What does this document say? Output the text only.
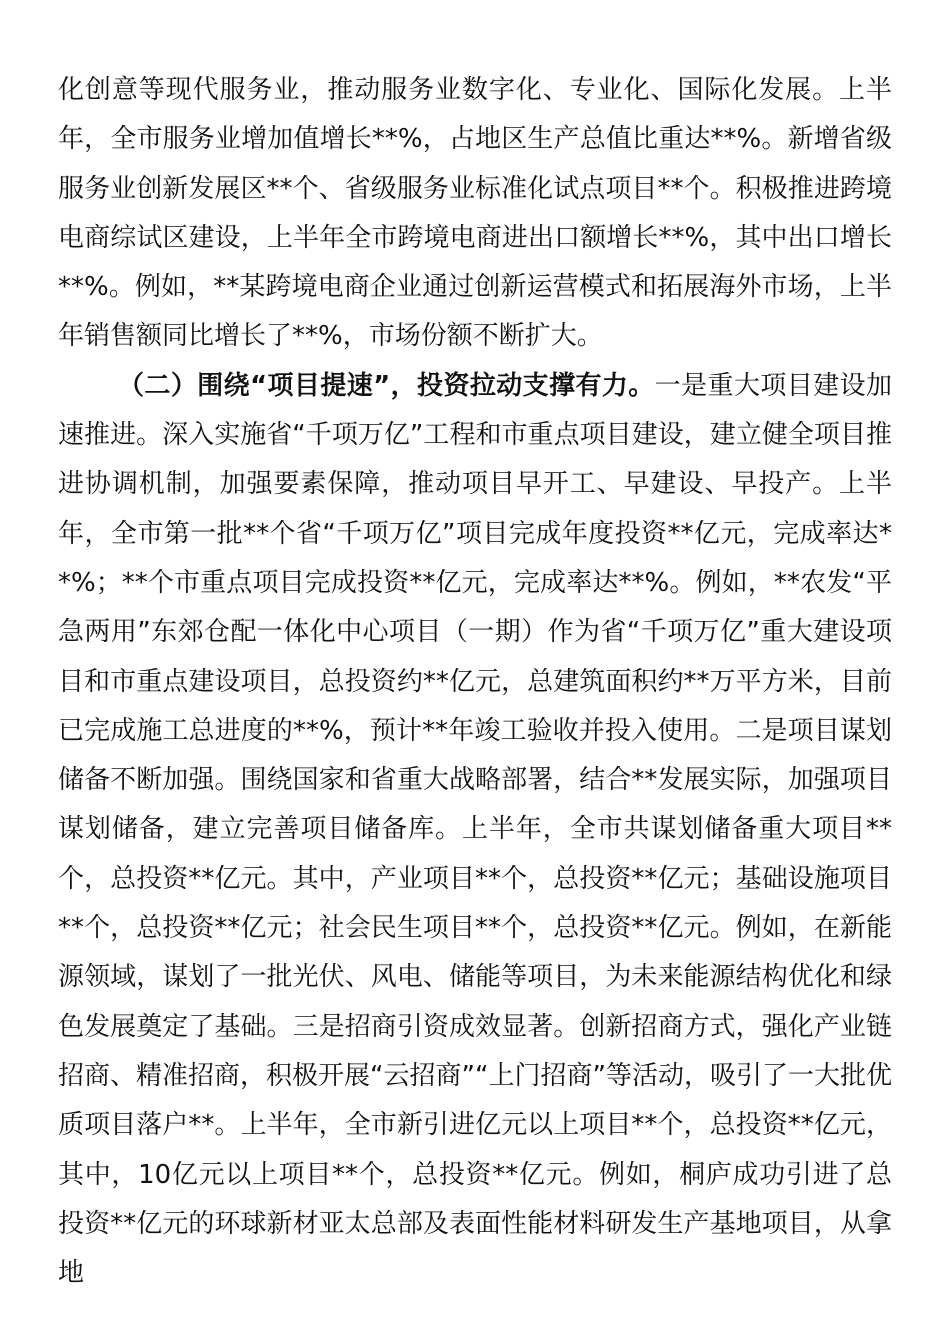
化创意等现代服务业，推动服务业数字化、专业化、国际化发展。上半年，全市服务业增加值增长**%，占地区生产总值比重达**%。新增省级服务业创新发展区**个、省级服务业标准化试点项目**个。积极推进跨境电商综试区建设，上半年全市跨境电商进出口额增长**%，其中出口增长**%。例如，**某跨境电商企业通过创新运营模式和拓展海外市场，上半年销售额同比增长了**%，市场份额不断扩大。

（二）围绕“项目提速”，投资拉动支撑有力。一是重大项目建设加速推进。深入实施省“千项万亿”工程和市重点项目建设，建立健全项目推进协调机制，加强要素保障，推动项目早开工、早建设、早投产。上半年，全市第一批**个省“千项万亿”项目完成年度投资**亿元，完成率达**%；**个市重点项目完成投资**亿元，完成率达**%。例如，**农发“平急两用”东郊仓配一体化中心项目（一期）作为省“千项万亿”重大建设项目和市重点建设项目，总投资约**亿元，总建筑面积约**万平方米，目前已完成施工总进度的**%，预计**年竣工验收并投入使用。二是项目谋划储备不断加强。围绕国家和省重大战略部署，结合**发展实际，加强项目谋划储备，建立完善项目储备库。上半年，全市共谋划储备重大项目**个，总投资**亿元。其中，产业项目**个，总投资**亿元；基础设施项目**个，总投资**亿元；社会民生项目**个，总投资**亿元。例如，在新能源领域，谋划了一批光伏、风电、储能等项目，为未来能源结构优化和绿色发展奠定了基础。三是招商引资成效显著。创新招商方式，强化产业链招商、精准招商，积极开展“云招商”“上门招商”等活动，吸引了一大批优质项目落户**。上半年，全市新引进亿元以上项目**个，总投资**亿元，其中，10亿元以上项目**个，总投资**亿元。例如，桐庐成功引进了总投资**亿元的环球新材亚太总部及表面性能材料研发生产基地项目，从拿地
